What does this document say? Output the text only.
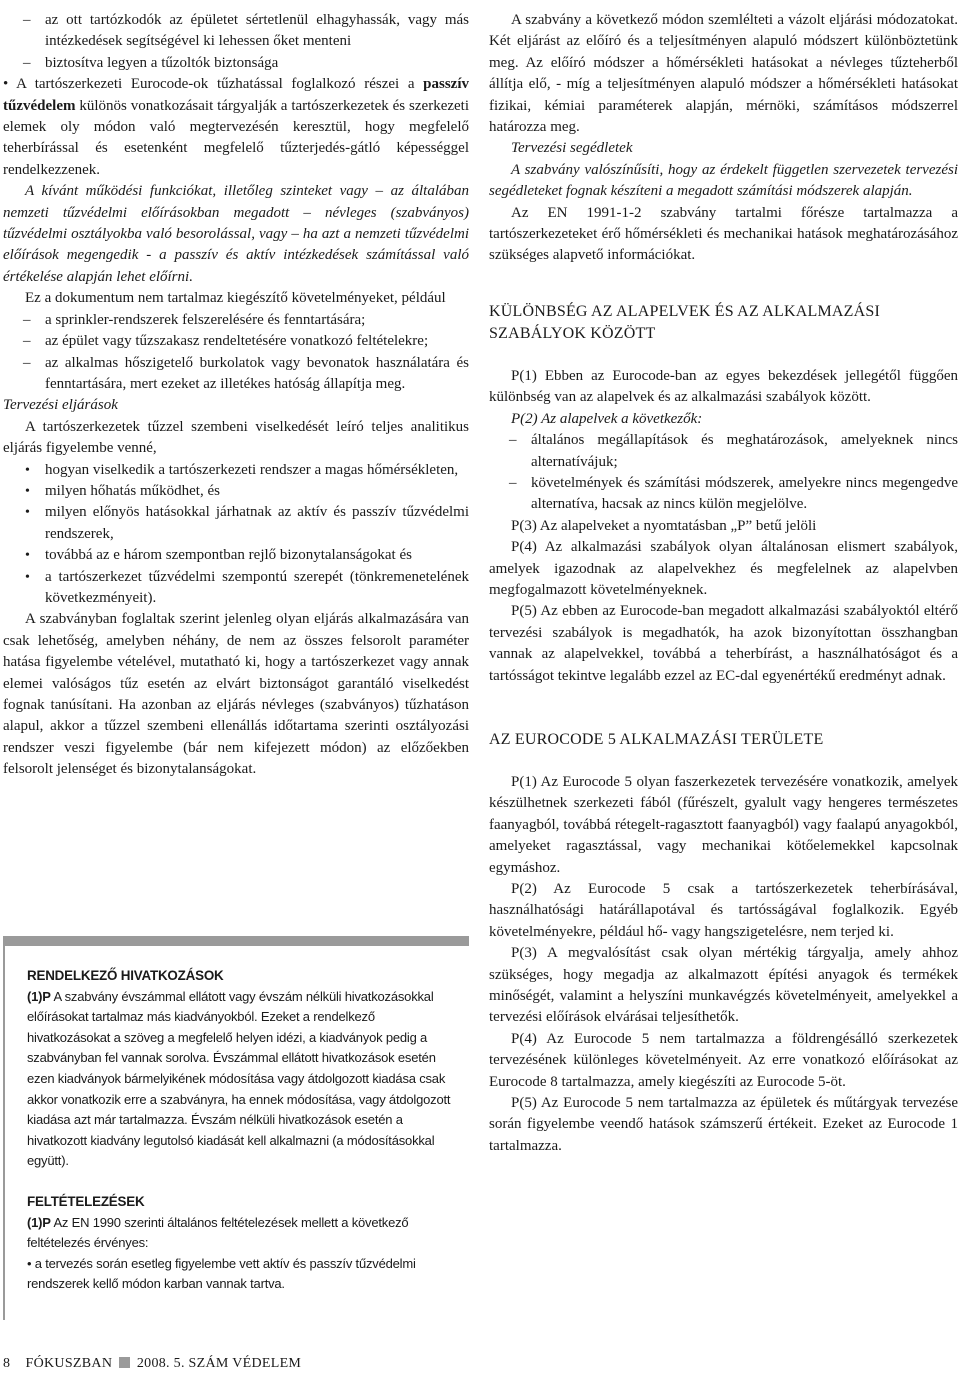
– az ott tartózkodók az épületet sértetlenül elhagyhassák, vagy más intézkedések segítségével ki lehessen őket menteni

– biztosítva legyen a tűzoltók biztonsága

• A tartószerkezeti Eurocode-ok tűzhatással foglalkozó részei a passzív tűzvédelem különös vonatkozásait tárgyalják a tartószerkezetek és szerkezeti elemek oly módon való megtervezésén keresztül, hogy megfelelő teherbírással és esetenként megfelelő tűzterjedés-gátló képességgel rendelkezzenek.

A kívánt működési funkciókat, illetőleg szinteket vagy – az általában nemzeti tűzvédelmi előírásokban megadott – névleges (szabványos) tűzvédelmi osztályokba való besorolással, vagy – ha azt a nemzeti tűzvédelmi előírások megengedik - a passzív és aktív intézkedések számítással való értékelése alapján lehet előírni.

Ez a dokumentum nem tartalmaz kiegészítő követelményeket, például

– a sprinkler-rendszerek felszerelésére és fenntartására;

– az épület vagy tűzszakasz rendeltetésére vonatkozó feltételekre;

– az alkalmas hőszigetelő burkolatok vagy bevonatok használatára és fenntartására, mert ezeket az illetékes hatóság állapítja meg.

Tervezési eljárások

A tartószerkezetek tűzzel szembeni viselkedését leíró teljes analitikus eljárás figyelembe venné,

• hogyan viselkedik a tartószerkezeti rendszer a magas hőmérsékleten,

• milyen hőhatás működhet, és

• milyen előnyös hatásokkal járhatnak az aktív és passzív tűzvédelmi rendszerek,

• továbbá az e három szempontban rejlő bizonytalanságokat és

• a tartószerkezet tűzvédelmi szempontú szerepét (tönkremenetelének következményeit).

A szabványban foglaltak szerint jelenleg olyan eljárás alkalmazására van csak lehetőség, amelyben néhány, de nem az összes felsorolt paraméter hatása figyelembe vételével, mutatható ki, hogy a tartószerkezet vagy annak elemei valóságos tűz esetén az elvárt biztonságot garantáló viselkedést fognak tanúsítani. Ha azonban az eljárás névleges (szabványos) tűzhatáson alapul, akkor a tűzzel szembeni ellenállás időtartama szerinti osztályozási rendszer veszi figyelembe (bár nem kifejezett módon) az előzőekben felsorolt jelenséget és bizonytalanságokat.

RENDELKEZŐ HIVATKOZÁSOK

(1)P A szabvány évszámmal ellátott vagy évszám nélküli hivatkozásokkal előírásokat tartalmaz más kiadványokból. Ezeket a rendelkező hivatkozásokat a szöveg a megfelelő helyen idézi, a kiadványok pedig a szabványban fel vannak sorolva. Évszámmal ellátott hivatkozások esetén ezen kiadványok bármelyikének módosítása vagy átdolgozott kiadása csak akkor vonatkozik erre a szabványra, ha ennek módosítása, vagy átdolgozott kiadása azt már tartalmazza. Évszám nélküli hivatkozások esetén a hivatkozott kiadvány legutolsó kiadását kell alkalmazni (a módosításokkal együtt).

FELTÉTELEZÉSEK

(1)P Az EN 1990 szerinti általános feltételezések mellett a következő feltételezés érvényes:

• a tervezés során esetleg figyelembe vett aktív és passzív tűzvédelmi rendszerek kellő módon karban vannak tartva.

A szabvány a következő módon szemlélteti a vázolt eljárási módozatokat. Két eljárást az előíró és a teljesítményen alapuló módszert különböztetünk meg. Az előíró módszer a hőmérsékleti hatásokat a névleges tűzteherből állítja elő, - míg a teljesítményen alapuló módszer a hőmérsékleti hatásokat fizikai, kémiai paraméterek alapján, mérnöki, számításos módszerrel határozza meg.

Tervezési segédletek

A szabvány valószínűsíti, hogy az érdekelt független szervezetek tervezési segédleteket fognak készíteni a megadott számítási módszerek alapján.

Az EN 1991-1-2 szabvány tartalmi főrésze tartalmazza a tartószerkezeteket érő hőmérsékleti és mechanikai hatások meghatározásához szükséges alapvető információkat.

KÜLÖNBSÉG AZ ALAPELVEK ÉS AZ ALKALMAZÁSI SZABÁLYOK KÖZÖTT

P(1) Ebben az Eurocode-ban az egyes bekezdések jellegétől függően különbség van az alapelvek és az alkalmazási szabályok között.

P(2) Az alapelvek a következők:

– általános megállapítások és meghatározások, amelyeknek nincs alternatívájuk;

– követelmények és számítási módszerek, amelyekre nincs megengedve alternatíva, hacsak az nincs külön megjelölve.

P(3) Az alapelveket a nyomtatásban „P” betű jelöli

P(4) Az alkalmazási szabályok olyan általánosan elismert szabályok, amelyek igazodnak az alapelvekhez és megfelelnek az alapelvben megfogalmazott követelményeknek.

P(5) Az ebben az Eurocode-ban megadott alkalmazási szabályoktól eltérő tervezési szabályok is megadhatók, ha azok bizonyítottan összhangban vannak az alapelvekkel, továbbá a teherbírást, a használhatóságot és a tartósságot tekintve legalább ezzel az EC-dal egyenértékű eredményt adnak.

AZ EUROCODE 5 ALKALMAZÁSI TERÜLETE

P(1) Az Eurocode 5 olyan faszerkezetek tervezésére vonatkozik, amelyek készülhetnek szerkezeti fából (fűrészelt, gyalult vagy hengeres természetes faanyagból, továbbá rétegelt-ragasztott faanyagból) vagy faalapú anyagokból, amelyeket ragasztással, vagy mechanikai kötőelemekkel kapcsolnak egymáshoz.

P(2) Az Eurocode 5 csak a tartószerkezetek teherbírásával, használhatósági határállapotával és tartósságával foglalkozik. Egyéb követelményekre, például hő- vagy hangszigetelésre, nem terjed ki.

P(3) A megvalósítást csak olyan mértékig tárgyalja, amely ahhoz szükséges, hogy megadja az alkalmazott építési anyagok és termékek minőségét, valamint a helyszíni munkavégzés követelményeit, amelyekkel a tervezési előírások elvárásai teljesíthetők.

P(4) Az Eurocode 5 nem tartalmazza a földrengésálló szerkezetek tervezésének különleges követelményeit. Az erre vonatkozó előírásokat az Eurocode 8 tartalmazza, amely kiegészíti az Eurocode 5-öt.

P(5) Az Eurocode 5 nem tartalmazza az épületek és műtárgyak tervezése során figyelembe veendő hatások számszerű értékeit. Ezeket az Eurocode 1 tartalmazza.

8 FÓKUSZBAN 2008. 5. SZÁM VÉDELEM
